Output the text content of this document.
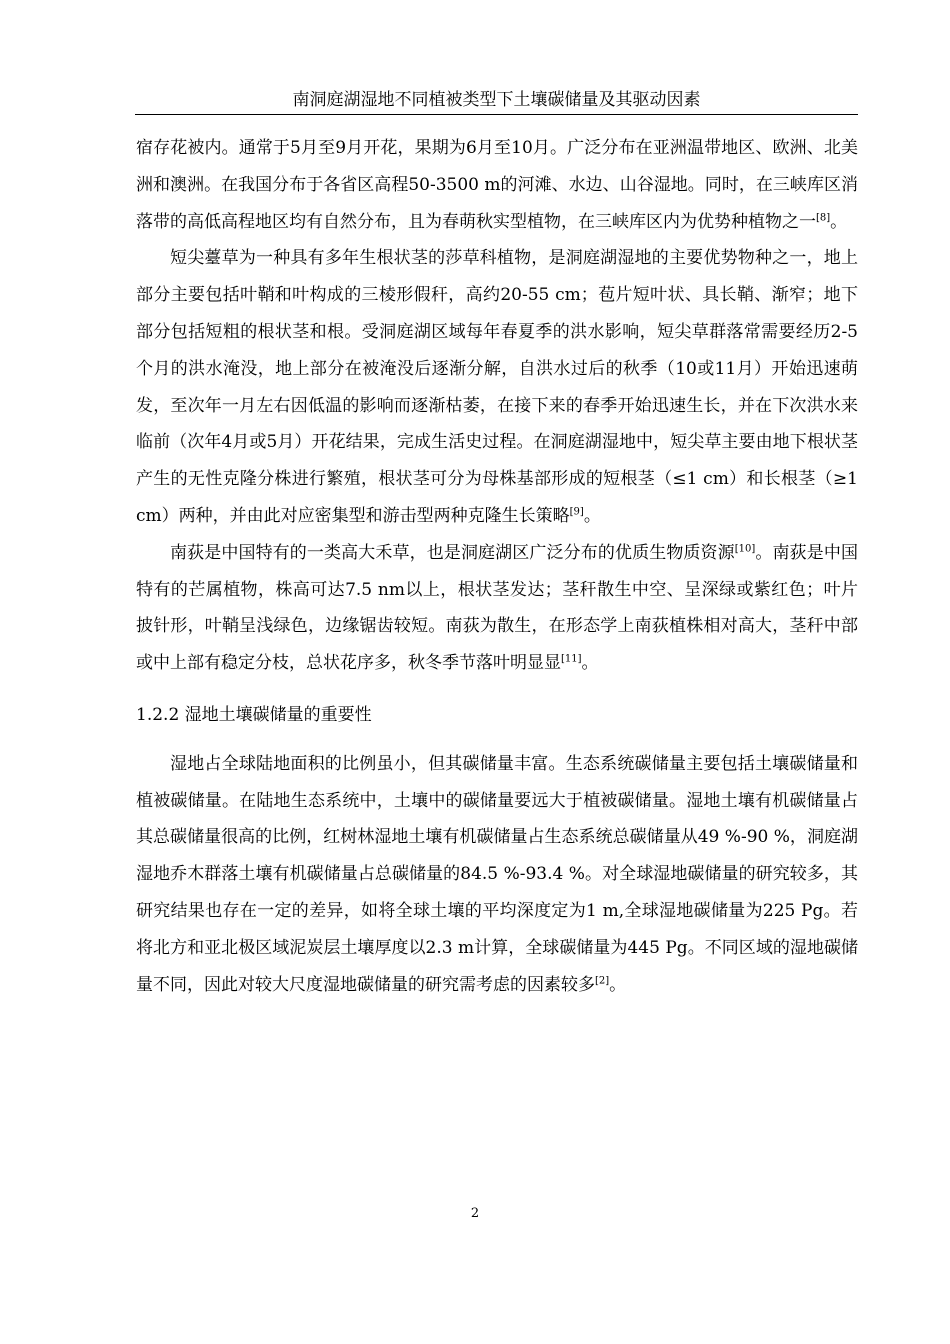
南洞庭湖湿地不同植被类型下土壤碳储量及其驱动因素

宿存花被内。通常于5月至9月开花，果期为6月至10月。广泛分布在亚洲温带地区、欧洲、北美洲和澳洲。在我国分布于各省区高程50-3500 m的河滩、水边、山谷湿地。同时，在三峡库区消落带的高低高程地区均有自然分布，且为春萌秋实型植物，在三峡库区内为优势种植物之一[8]。

短尖薹草为一种具有多年生根状茎的莎草科植物，是洞庭湖湿地的主要优势物种之一，地上部分主要包括叶鞘和叶构成的三棱形假秆，高约20-55 cm；苞片短叶状、具长鞘、渐窄；地下部分包括短粗的根状茎和根。受洞庭湖区域每年春夏季的洪水影响，短尖草群落常需要经历2-5个月的洪水淹没，地上部分在被淹没后逐渐分解，自洪水过后的秋季（10或11月）开始迅速萌发，至次年一月左右因低温的影响而逐渐枯萎，在接下来的春季开始迅速生长，并在下次洪水来临前（次年4月或5月）开花结果，完成生活史过程。在洞庭湖湿地中，短尖草主要由地下根状茎产生的无性克隆分株进行繁殖，根状茎可分为母株基部形成的短根茎（≤1 cm）和长根茎（≥1 cm）两种，并由此对应密集型和游击型两种克隆生长策略[9]。

南荻是中国特有的一类高大禾草，也是洞庭湖区广泛分布的优质生物质资源[10]。南荻是中国特有的芒属植物，株高可达7.5 nm以上，根状茎发达；茎秆散生中空、呈深绿或紫红色；叶片披针形，叶鞘呈浅绿色，边缘锯齿较短。南荻为散生，在形态学上南荻植株相对高大，茎秆中部或中上部有稳定分枝，总状花序多，秋冬季节落叶明显显[11]。

1.2.2 湿地土壤碳储量的重要性

湿地占全球陆地面积的比例虽小，但其碳储量丰富。生态系统碳储量主要包括土壤碳储量和植被碳储量。在陆地生态系统中，土壤中的碳储量要远大于植被碳储量。湿地土壤有机碳储量占其总碳储量很高的比例，红树林湿地土壤有机碳储量占生态系统总碳储量从49 %-90 %，洞庭湖湿地乔木群落土壤有机碳储量占总碳储量的84.5 %-93.4 %。对全球湿地碳储量的研究较多，其研究结果也存在一定的差异，如将全球土壤的平均深度定为1 m,全球湿地碳储量为225 Pg。若将北方和亚北极区域泥炭层土壤厚度以2.3 m计算，全球碳储量为445 Pg。不同区域的湿地碳储量不同，因此对较大尺度湿地碳储量的研究需考虑的因素较多[2]。

2
